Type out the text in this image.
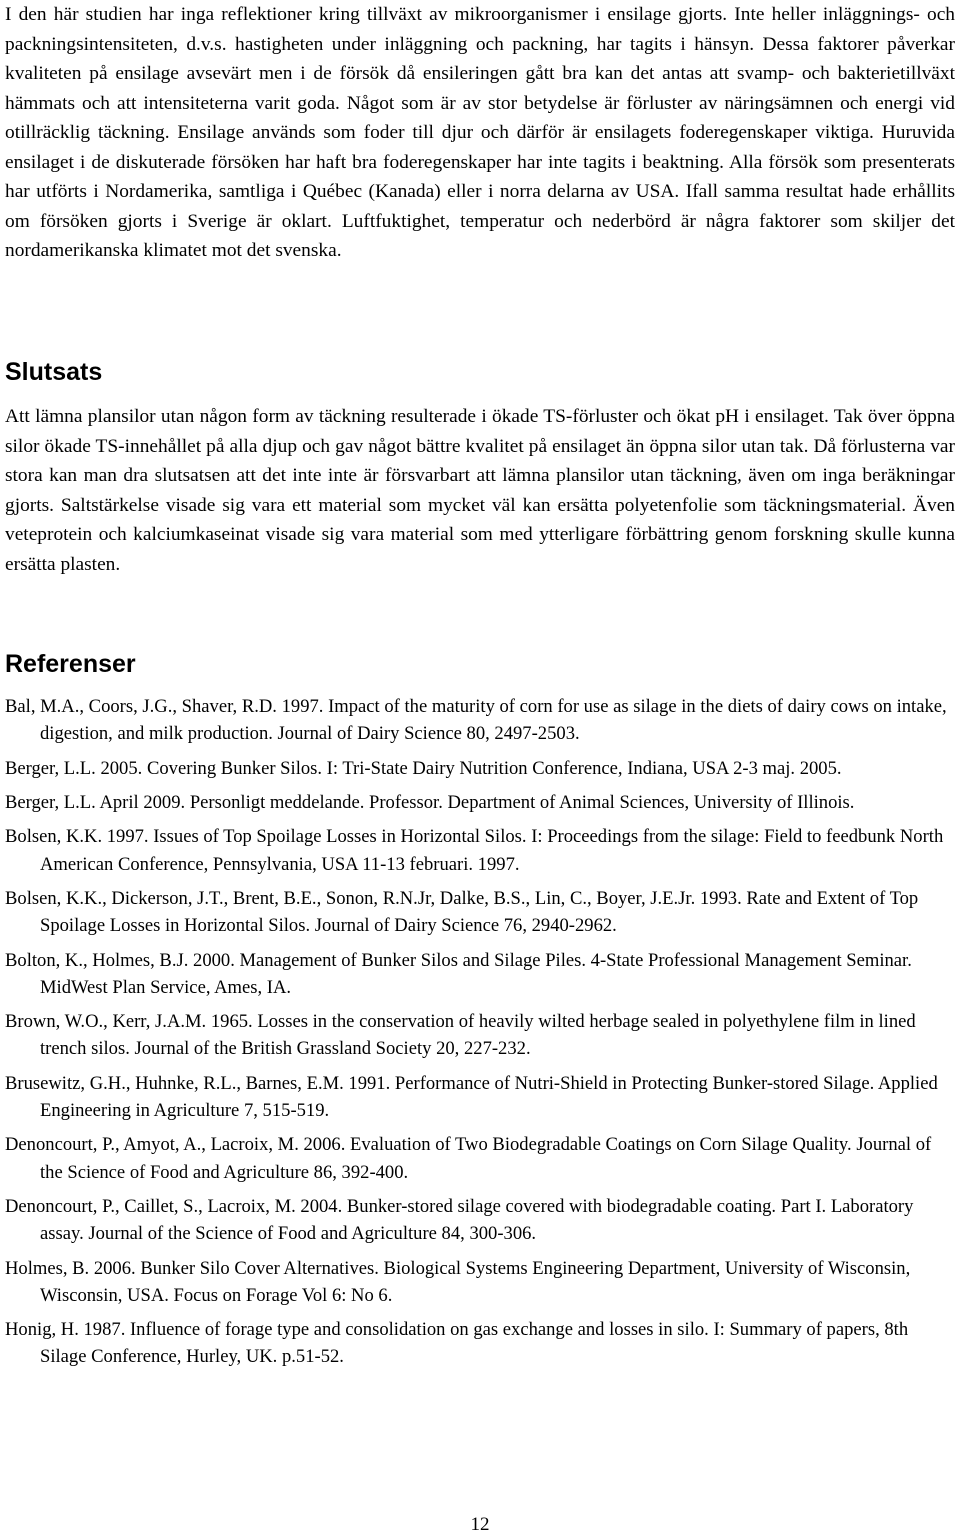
I den här studien har inga reflektioner kring tillväxt av mikroorganismer i ensilage gjorts. Inte heller inläggnings- och packningsintensiteten, d.v.s. hastigheten under inläggning och packning, har tagits i hänsyn. Dessa faktorer påverkar kvaliteten på ensilage avsevärt men i de försök då ensileringen gått bra kan det antas att svamp- och bakterietillväxt hämmats och att intensiteterna varit goda. Något som är av stor betydelse är förluster av näringsämnen och energi vid otillräcklig täckning. Ensilage används som foder till djur och därför är ensilagets foderegenskaper viktiga. Huruvida ensilaget i de diskuterade försöken har haft bra foderegenskaper har inte tagits i beaktning. Alla försök som presenterats har utförts i Nordamerika, samtliga i Québec (Kanada) eller i norra delarna av USA. Ifall samma resultat hade erhållits om försöken gjorts i Sverige är oklart. Luftfuktighet, temperatur och nederbörd är några faktorer som skiljer det nordamerikanska klimatet mot det svenska.

Slutsats

Att lämna plansilor utan någon form av täckning resulterade i ökade TS-förluster och ökat pH i ensilaget. Tak över öppna silor ökade TS-innehållet på alla djup och gav något bättre kvalitet på ensilaget än öppna silor utan tak. Då förlusterna var stora kan man dra slutsatsen att det inte inte är försvarbart att lämna plansilor utan täckning, även om inga beräkningar gjorts. Saltstärkelse visade sig vara ett material som mycket väl kan ersätta polyetenfolie som täckningsmaterial. Även veteprotein och kalciumkaseinat visade sig vara material som med ytterligare förbättring genom forskning skulle kunna ersätta plasten.

Referenser
Bal, M.A., Coors, J.G., Shaver, R.D. 1997. Impact of the maturity of corn for use as silage in the diets of dairy cows on intake, digestion, and milk production. Journal of Dairy Science 80, 2497-2503.
Berger, L.L. 2005. Covering Bunker Silos. I: Tri-State Dairy Nutrition Conference, Indiana, USA 2-3 maj. 2005.
Berger, L.L. April 2009. Personligt meddelande. Professor. Department of Animal Sciences, University of Illinois.
Bolsen, K.K. 1997. Issues of Top Spoilage Losses in Horizontal Silos. I: Proceedings from the silage: Field to feedbunk North American Conference, Pennsylvania, USA 11-13 februari. 1997.
Bolsen, K.K., Dickerson, J.T., Brent, B.E., Sonon, R.N.Jr, Dalke, B.S., Lin, C., Boyer, J.E.Jr. 1993. Rate and Extent of Top Spoilage Losses in Horizontal Silos. Journal of Dairy Science 76, 2940-2962.
Bolton, K., Holmes, B.J. 2000. Management of Bunker Silos and Silage Piles. 4-State Professional Management Seminar. MidWest Plan Service, Ames, IA.
Brown, W.O., Kerr, J.A.M. 1965. Losses in the conservation of heavily wilted herbage sealed in polyethylene film in lined trench silos. Journal of the British Grassland Society 20, 227-232.
Brusewitz, G.H., Huhnke, R.L., Barnes, E.M. 1991. Performance of Nutri-Shield in Protecting Bunker-stored Silage. Applied Engineering in Agriculture 7, 515-519.
Denoncourt, P., Amyot, A., Lacroix, M. 2006. Evaluation of Two Biodegradable Coatings on Corn Silage Quality. Journal of the Science of Food and Agriculture 86, 392-400.
Denoncourt, P., Caillet, S., Lacroix, M. 2004. Bunker-stored silage covered with biodegradable coating. Part I. Laboratory assay. Journal of the Science of Food and Agriculture 84, 300-306.
Holmes, B. 2006. Bunker Silo Cover Alternatives. Biological Systems Engineering Department, University of Wisconsin, Wisconsin, USA. Focus on Forage Vol 6: No 6.
Honig, H. 1987. Influence of forage type and consolidation on gas exchange and losses in silo. I: Summary of papers, 8th Silage Conference, Hurley, UK. p.51-52.
12
